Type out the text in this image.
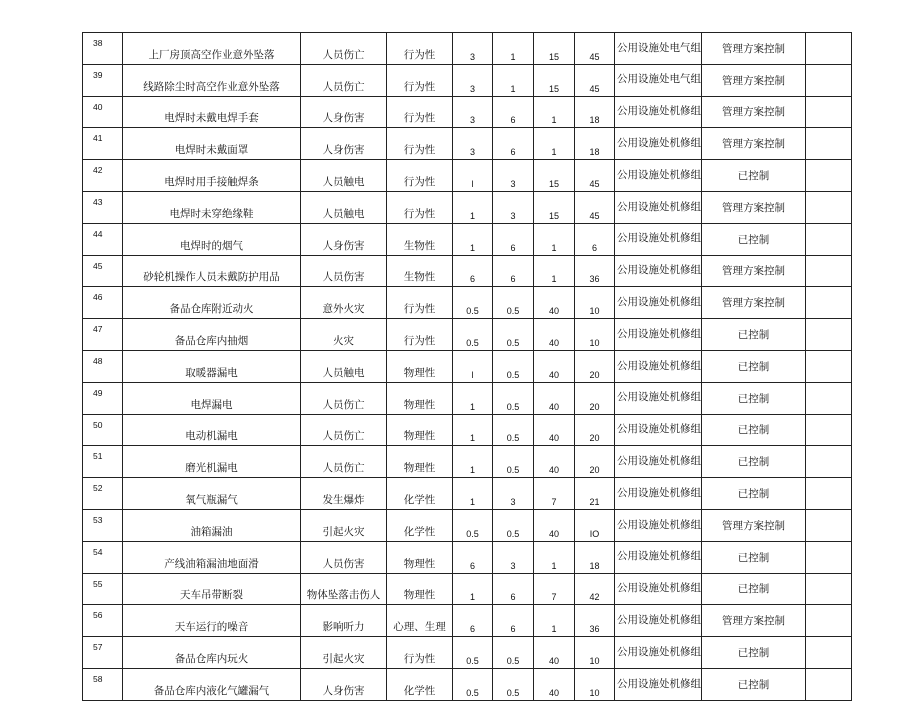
38	上厂房顶高空作业意外坠落	人员伤亡	行为性	3	1	15	45	公用设施处电气组	管理方案控制	
39	线路除尘时高空作业意外坠落	人员伤亡	行为性	3	1	15	45	公用设施处电气组	管理方案控制	
40	电焊时未戴电焊手套	人身伤害	行为性	3	6	1	18	公用设施处机修组	管理方案控制	
41	电焊时未戴面罩	人身伤害	行为性	3	6	1	18	公用设施处机修组	管理方案控制	
42	电焊时用手接触焊条	人员触电	行为性	l	3	15	45	公用设施处机修组	已控制	
43	电焊时未穿绝缘鞋	人员触电	行为性	1	3	15	45	公用设施处机修组	管理方案控制	
44	电焊时的烟气	人身伤害	生物性	1	6	1	6	公用设施处机修组	已控制	
45	砂轮机操作人员未戴防护用品	人员伤害	生物性	6	6	1	36	公用设施处机修组	管理方案控制	
46	备品仓库附近动火	意外火灾	行为性	0.5	0.5	40	10	公用设施处机修组	管理方案控制	
47	备品仓库内抽烟	火灾	行为性	0.5	0.5	40	10	公用设施处机修组	已控制	
48	取暖器漏电	人员触电	物理性	l	0.5	40	20	公用设施处机修组	已控制	
49	电焊漏电	人员伤亡	物理性	1	0.5	40	20	公用设施处机修组	已控制	
50	电动机漏电	人员伤亡	物理性	1	0.5	40	20	公用设施处机修组	已控制	
51	磨光机漏电	人员伤亡	物理性	1	0.5	40	20	公用设施处机修组	已控制	
52	氧气瓶漏气	发生爆炸	化学性	1	3	7	21	公用设施处机修组	已控制	
53	油箱漏油	引起火灾	化学性	0.5	0.5	40	IO	公用设施处机修组	管理方案控制	
54	产线油箱漏油地面滑	人员伤害	物理性	6	3	1	18	公用设施处机修组	已控制	
55	天车吊带断裂	物体坠落击伤人	物理性	1	6	7	42	公用设施处机修组	已控制	
56	天车运行的噪音	影响听力	心理、生理	6	6	1	36	公用设施处机修组	管理方案控制	
57	备品仓库内玩火	引起火灾	行为性	0.5	0.5	40	10	公用设施处机修组	已控制	
58	备品仓库内液化气罐漏气	人身伤害	化学性	0.5	0.5	40	10	公用设施处机修组	已控制	
